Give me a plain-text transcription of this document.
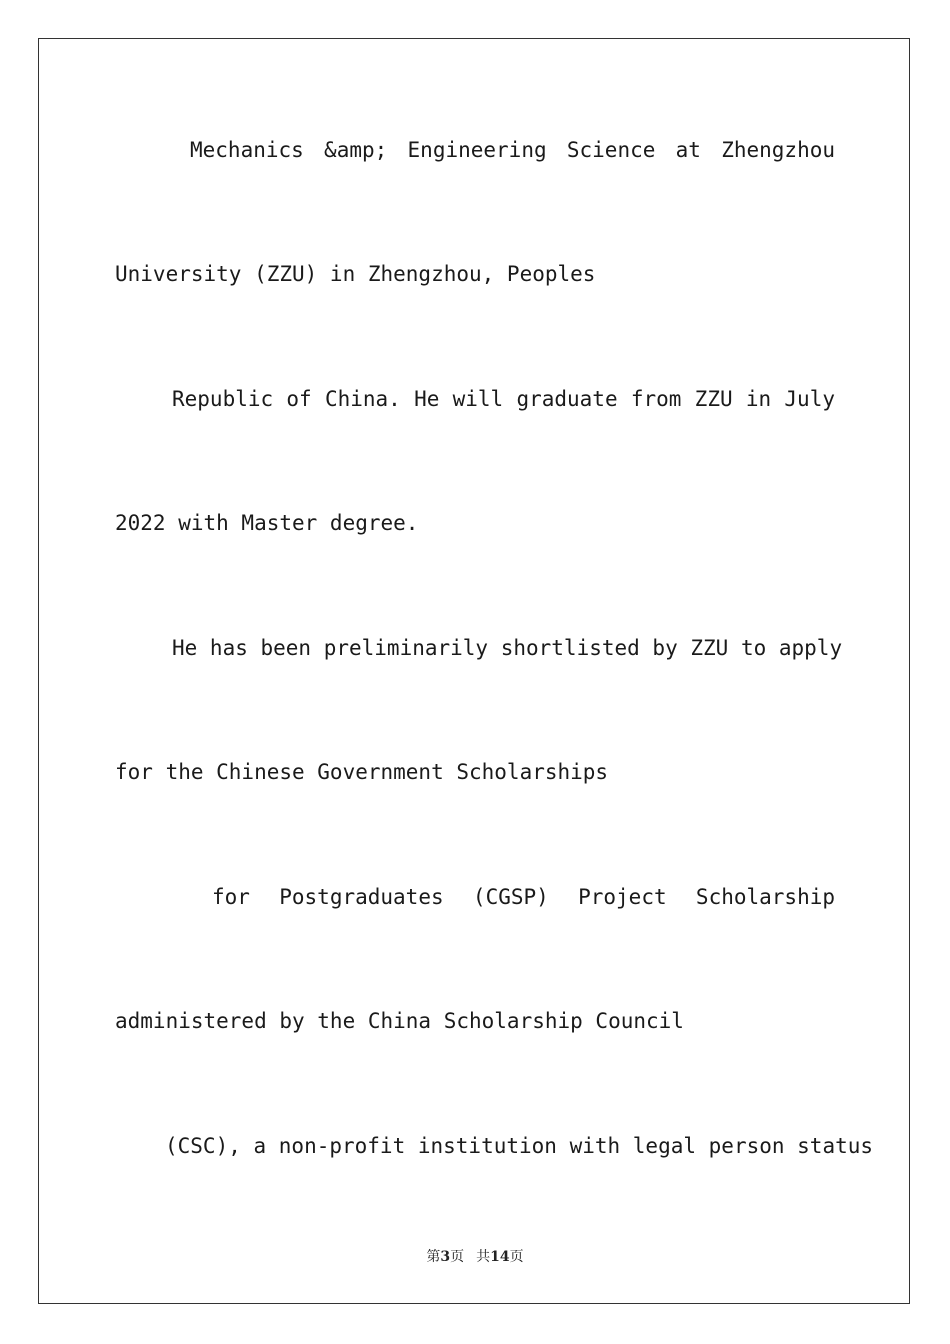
Mechanics &amp; Engineering Science at Zhengzhou
University (ZZU) in Zhengzhou, Peoples
Republic of China. He will graduate from ZZU in July
2022 with Master degree.
He has been preliminarily shortlisted by ZZU to apply
for the Chinese Government Scholarships
for Postgraduates (CGSP) Project Scholarship
administered by the China Scholarship Council
(CSC), a non-profit institution with legal person status
第3页 共14页
